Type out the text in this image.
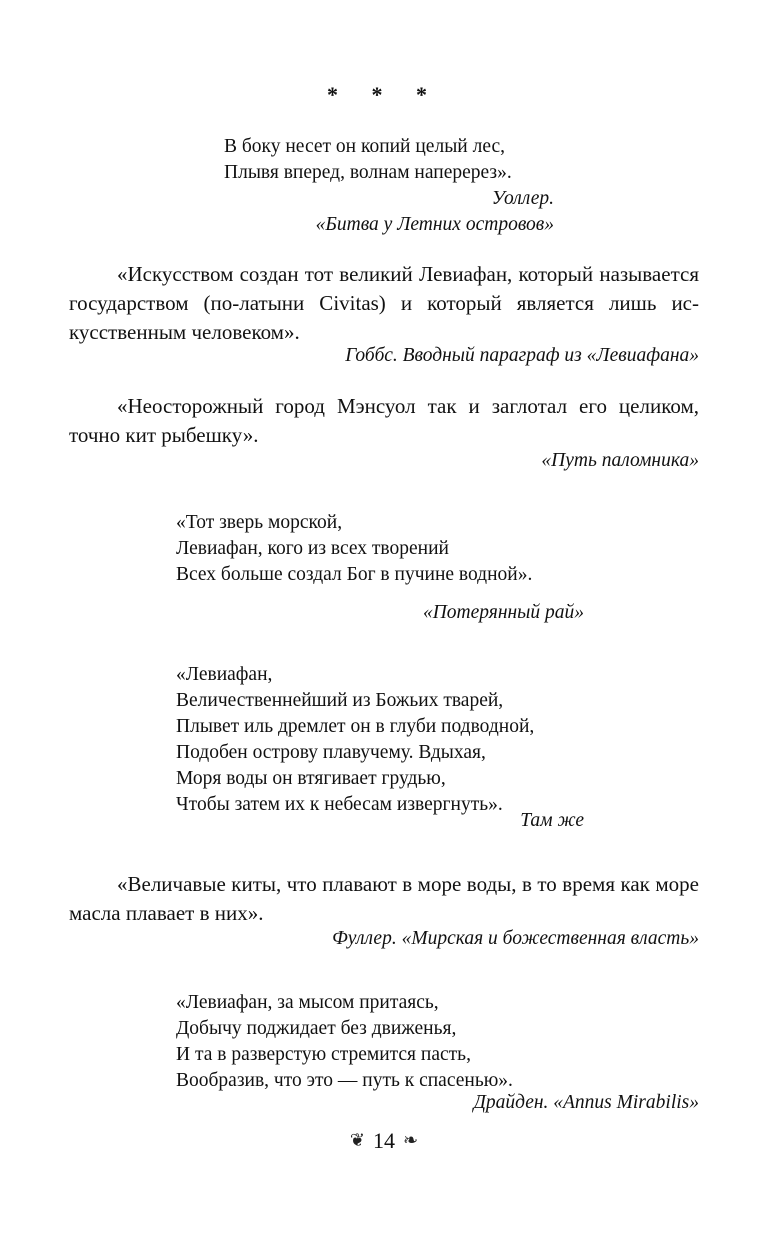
* * *
В боку несет он копий целый лес,
Плывя вперед, волнам наперерез».
Уоллер.
«Битва у Летних островов»

«Искусством создан тот великий Левиафан, который называется государством (по-латыни Civitas) и который является лишь искусственным человеком».

Гоббс. Вводный параграф из «Левиафана»

«Неосторожный город Мэнсуол так и заглотал его целиком, точно кит рыбешку».

«Путь паломника»
«Тот зверь морской,
Левиафан, кого из всех творений
Всех больше создал Бог в пучине водной».
«Потерянный рай»
«Левиафан,
Величественнейший из Божьих тварей,
Плывет иль дремлет он в глуби подводной,
Подобен острову плавучему. Вдыхая,
Моря воды он втягивает грудью,
Чтобы затем их к небесам извергнуть».
Там же

«Величавые киты, что плавают в море воды, в то время как море масла плавает в них».

Фуллер. «Мирская и божественная власть»
«Левиафан, за мысом притаясь,
Добычу поджидает без движенья,
И та в разверстую стремится пасть,
Вообразив, что это — путь к спасенью».
Драйден. «Annus Mirabilis»
❦ 14 ❧
